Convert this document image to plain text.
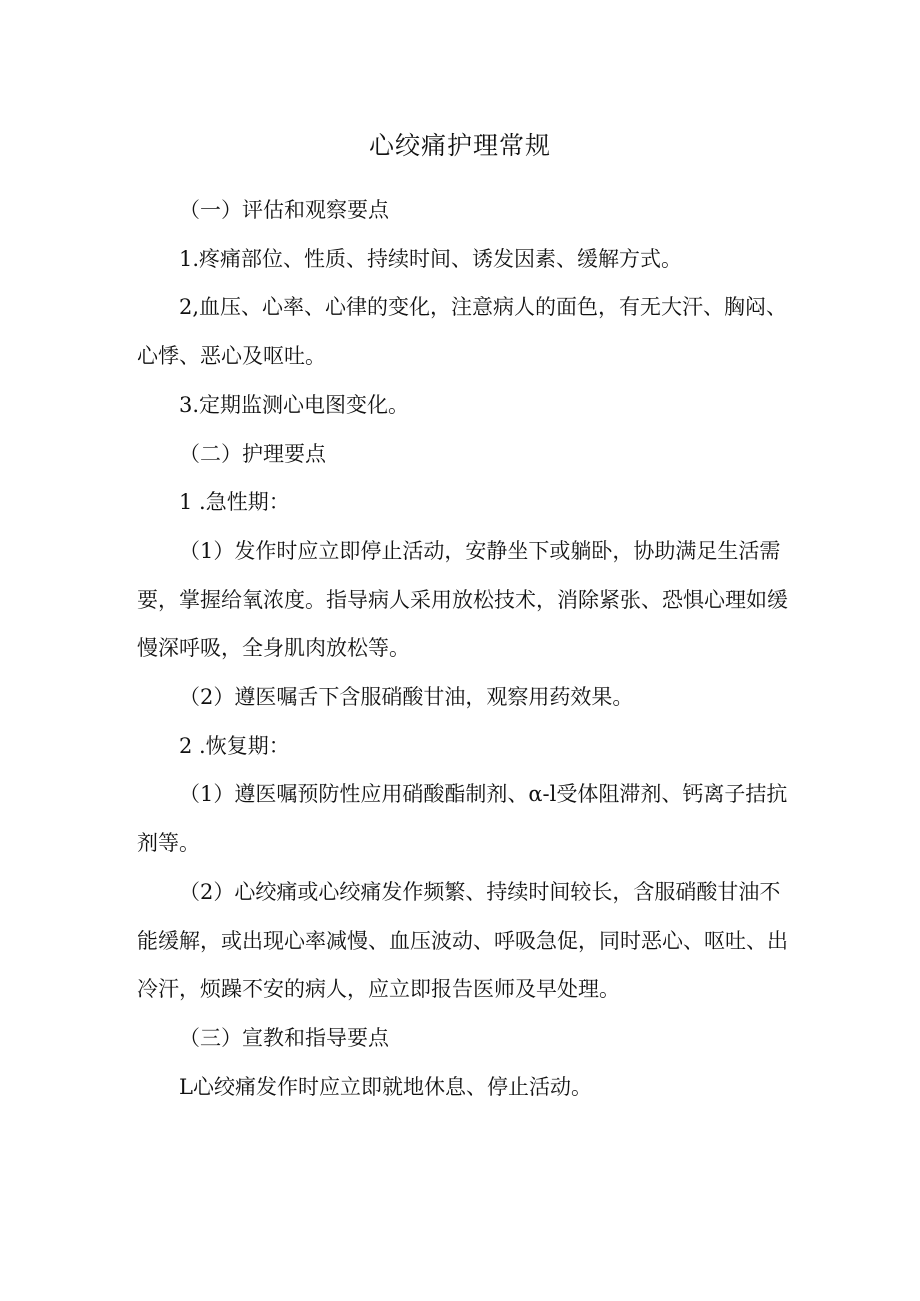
心绞痛护理常规

（一）评估和观察要点

1.疼痛部位、性质、持续时间、诱发因素、缓解方式。

2,血压、心率、心律的变化，注意病人的面色，有无大汗、胸闷、心悸、恶心及呕吐。

3.定期监测心电图变化。

（二）护理要点

1 .急性期：

（1）发作时应立即停止活动，安静坐下或躺卧，协助满足生活需要，掌握给氧浓度。指导病人采用放松技术，消除紧张、恐惧心理如缓慢深呼吸，全身肌肉放松等。

（2）遵医嘱舌下含服硝酸甘油，观察用药效果。

2 .恢复期：

（1）遵医嘱预防性应用硝酸酯制剂、α-l受体阻滞剂、钙离子拮抗剂等。

（2）心绞痛或心绞痛发作频繁、持续时间较长，含服硝酸甘油不能缓解，或出现心率减慢、血压波动、呼吸急促，同时恶心、呕吐、出冷汗，烦躁不安的病人，应立即报告医师及早处理。

（三）宣教和指导要点

L心绞痛发作时应立即就地休息、停止活动。
